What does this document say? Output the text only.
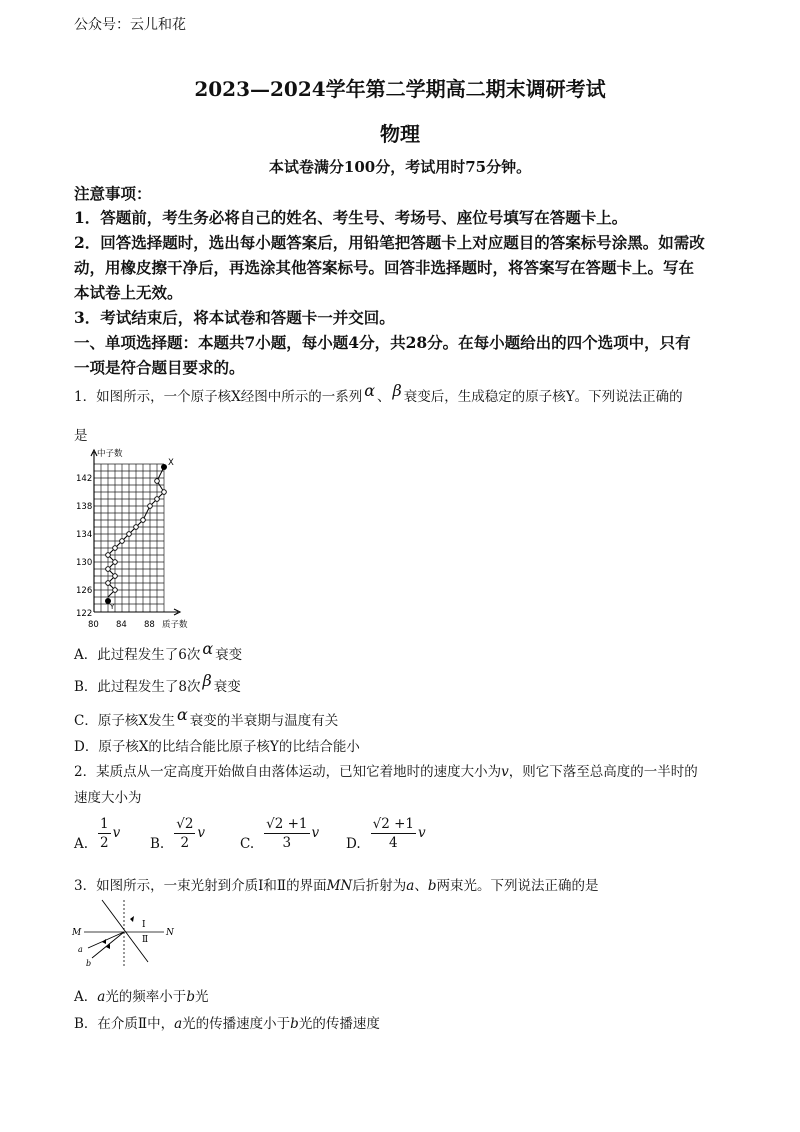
公众号：云儿和花
2023—2024学年第二学期高二期末调研考试
物理
本试卷满分100分，考试用时75分钟。
注意事项：
1．答题前，考生务必将自己的姓名、考生号、考场号、座位号填写在答题卡上。
2．回答选择题时，选出每小题答案后，用铅笔把答题卡上对应题目的答案标号涂黑。如需改
动，用橡皮擦干净后，再选涂其他答案标号。回答非选择题时，将答案写在答题卡上。写在
本试卷上无效。
3．考试结束后，将本试卷和答题卡一并交回。
一、单项选择题：本题共7小题，每小题4分，共28分。在每小题给出的四个选项中，只有
一项是符合题目要求的。
1．如图所示，一个原子核X经图中所示的一系列 α 、 β 衰变后，生成稳定的原子核Y。下列说法正确的
是
中子数
X
Y
142
138
134
130
126
122
80 84 88 质子数
A．此过程发生了6次 α 衰变
B．此过程发生了8次 β 衰变
C．原子核X发生 α 衰变的半衰期与温度有关
D．原子核X的比结合能比原子核Y的比结合能小
2．某质点从一定高度开始做自由落体运动，已知它着地时的速度大小为v，则它下落至总高度的一半时的
速度大小为
A. $\frac{1}{2}$ v
B. $\frac{√2}{2}$ v
C. $\frac{√2 +1}{3}$ v
D. $\frac{√2 +1}{4}$ v
3．如图所示，一束光射到介质Ⅰ和Ⅱ的界面MN后折射为a、b两束光。下列说法正确的是
M	N
Ⅰ
Ⅱ
a
b
A．a光的频率小于b光
B．在介质Ⅱ中，a光的传播速度小于b光的传播速度
